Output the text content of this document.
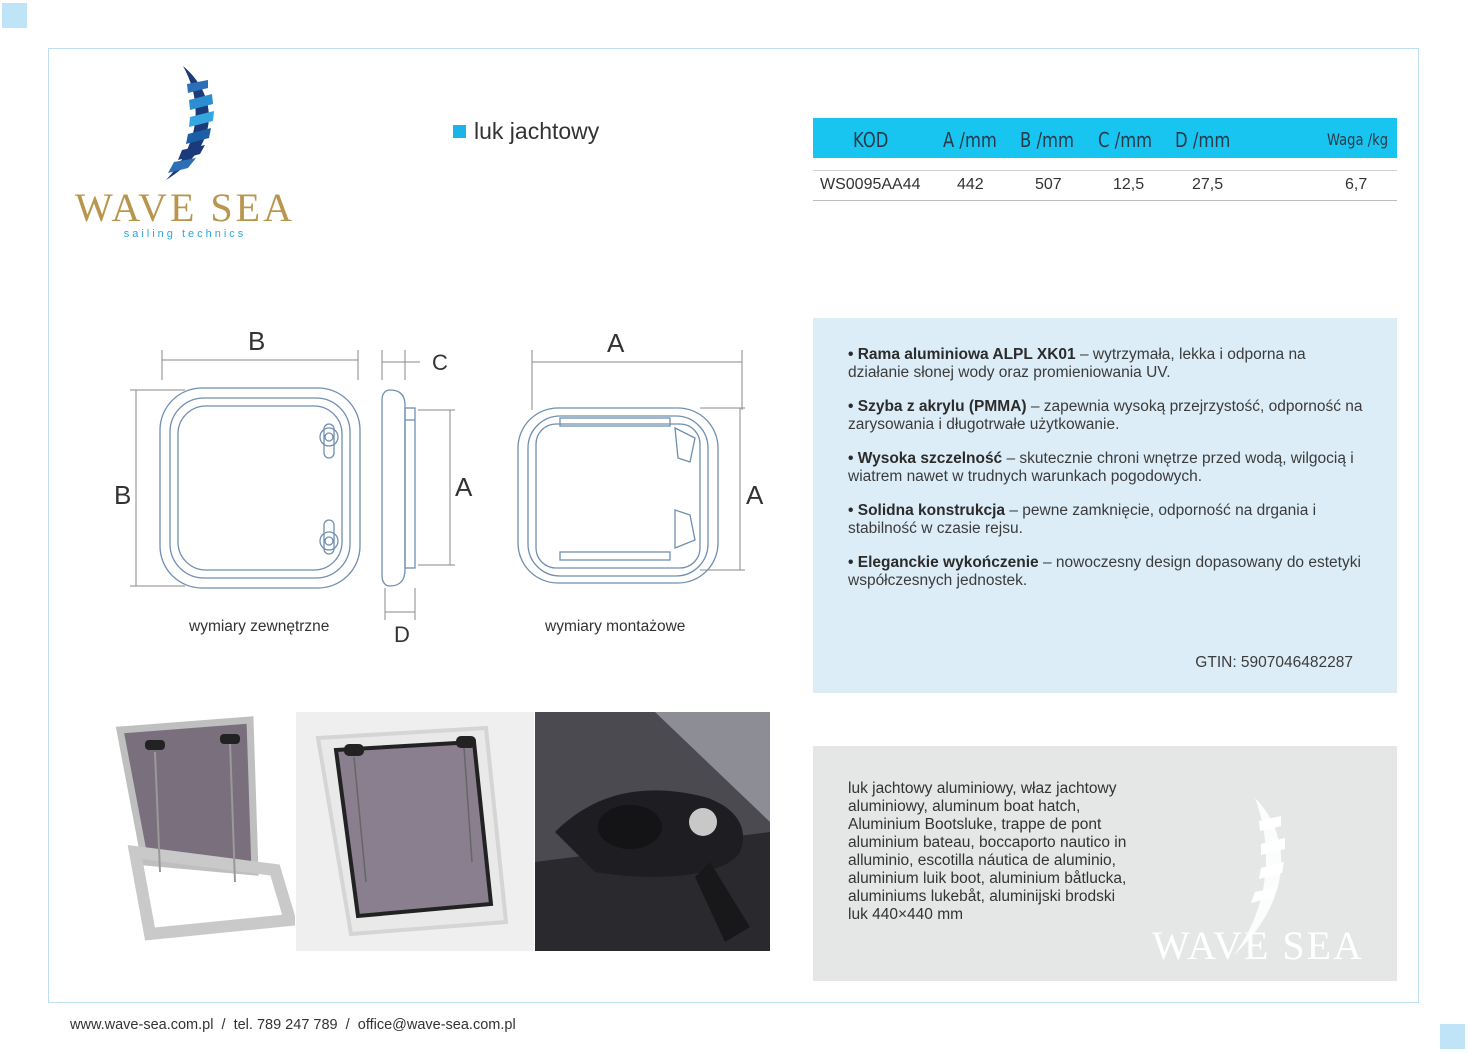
WAVE SEA
sailing technics
luk jachtowy	KOD	A /mm B /mm C /mm D /mm	Waga /kg
WS0095AA44 442	507	12,5	27,5	6,7
B
B
C
A
D
A
A
wymiary zewnętrzne	wymiary montażowe
• Rama aluminiowa ALPL XK01 – wytrzymała, lekka i odporna na działanie słonej wody oraz promieniowania UV.
• Szyba z akrylu (PMMA) – zapewnia wysoką przejrzystość, odporność na zarysowania i długotrwałe użytkowanie.
• Wysoka szczelność – skutecznie chroni wnętrze przed wodą, wilgocią i wiatrem nawet w trudnych warunkach pogodowych.
• Solidna konstrukcja – pewne zamknięcie, odporność na drgania i stabilność w czasie rejsu.
• Eleganckie wykończenie – nowoczesny design dopasowany do estetyki współczesnych jednostek.
GTIN: 5907046482287
luk jachtowy aluminiowy, właz jachtowy aluminiowy, aluminum boat hatch, Aluminium Bootsluke, trappe de pont aluminium bateau, boccaporto nautico in alluminio, escotilla náutica de aluminio, aluminium luik boot, aluminium båtlucka, aluminiums lukebåt, aluminijski brodski luk 440×440 mm
WAVE SEA
www.wave-sea.com.pl / tel. 789 247 789 / office@wave-sea.com.pl
